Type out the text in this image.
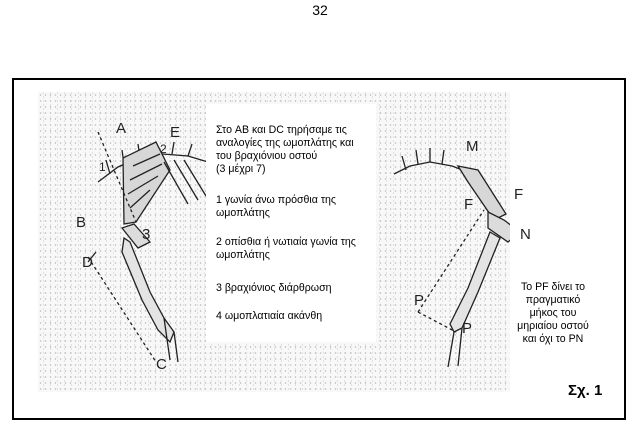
32

Στο AB και DC τηρήσαμε τις
αναλογίες της ωμοπλάτης και
του βραχιόνιου οστού
(3 μέχρι 7)

1 γωνία άνω πρόσθια της
ωμοπλάτης

2 οπίσθια ή νωτιαία γωνία της
ωμοπλάτης

3 βραχιόνιος διάρθρωση

4 ωμοπλατιαία ακάνθη

A	E
1
2
B
3
D
C
M
F
F
N
P
P

Το PF δίνει το
πραγματικό
μήκος του
μηριαίου οστού
και όχι το PN

Σχ. 1
